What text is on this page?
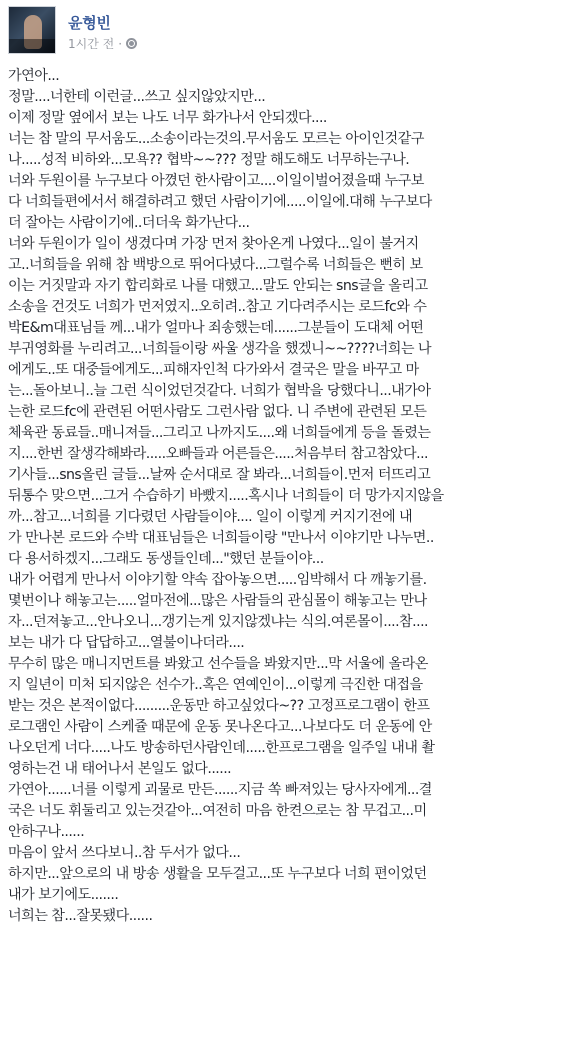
윤형빈
1시간 전 ·

가연아...

정말....너한테 이런글...쓰고 싶지않았지만...

이제 정말 옆에서 보는 나도 너무 화가나서 안되겠다....

너는 참 말의 무서움도...소송이라는것의.무서움도 모르는 아이인것같구

나.....성적 비하와...모욕?? 협박~~??? 정말 해도해도 너무하는구나.

너와 두원이를 누구보다 아꼈던 한사람이고....이일이벌어졌을때 누구보

다 너희들편에서서 해결하려고 했던 사람이기에.....이일에.대해 누구보다

더 잘아는 사람이기에..더더욱 화가난다...

너와 두원이가 일이 생겼다며 가장 먼저 찾아온게 나였다...일이 불거지

고..너희들을 위해 참 백방으로 뛰어다녔다...그럴수록 너희들은 뻔히 보

이는 거짓말과 자기 합리화로 나를 대했고...말도 안되는 sns글을 올리고

소송을 건것도 너희가 먼저였지..오히려..참고 기다려주시는 로드fc와 수

박E&m대표님들 께...내가 얼마나 죄송했는데......그분들이 도대체 어떤

부귀영화를 누리려고...너희들이랑 싸울 생각을 했겠니~~????너희는 나

에게도..또 대중들에게도...피해자인척 다가와서 결국은 말을 바꾸고 마

는...돌아보니..늘 그런 식이었던것같다. 너희가 협박을 당했다니...내가아

는한 로드fc에 관련된 어떤사람도 그런사람 없다. 니 주변에 관련된 모든

체육관 동료들..매니져들...그리고 나까지도....왜 너희들에게 등을 돌렸는

지....한번 잘생각해봐라.....오빠들과 어른들은.....처음부터 참고참았다...

기사들...sns올린 글들...날짜 순서대로 잘 봐라...너희들이.먼저 터뜨리고

뒤통수 맞으면...그거 수습하기 바빴지.....혹시나 너희들이 더 망가지지않을

까...참고...너희를 기다렸던 사람들이야.... 일이 이렇게 커지기전에 내

가 만나본 로드와 수박 대표님들은 너희들이랑 "만나서 이야기만 나누면..

다 용서하겠지...그래도 동생들인데..."했던 분들이야...

내가 어렵게 만나서 이야기할 약속 잡아놓으면.....임박해서 다 깨놓기를.

몇번이나 해놓고는.....얼마전에...많은 사람들의 관심몰이 해놓고는 만나

자...던져놓고...안나오니...갱기는게 있지않겠냐는 식의.여론몰이....참....

보는 내가 다 답답하고...열불이나더라....

무수히 많은 매니지먼트를 봐왔고 선수들을 봐왔지만...막 서울에 올라온

지 일년이 미처 되지않은 선수가..혹은 연예인이...이렇게 극진한 대접을

받는 것은 본적이없다.........운동만 하고싶었다~?? 고정프로그램이 한프

로그램인 사람이 스케쥴 때문에 운동 못나온다고...나보다도 더 운동에 안

나오던게 너다.....나도 방송하던사람인데.....한프로그램을 일주일 내내 촬

영하는건 내 태어나서 본일도 없다......

가연아......너를 이렇게 괴물로 만든......지금 쏙 빠져있는 당사자에게...결

국은 너도 휘둘리고 있는것같아...여전히 마음 한켠으로는 참 무겁고...미

안하구나......

마음이 앞서 쓰다보니..참 두서가 없다...

하지만...앞으로의 내 방송 생활을 모두걸고...또 누구보다 너희 편이었던

내가 보기에도.......

너희는 참...잘못됐다......
